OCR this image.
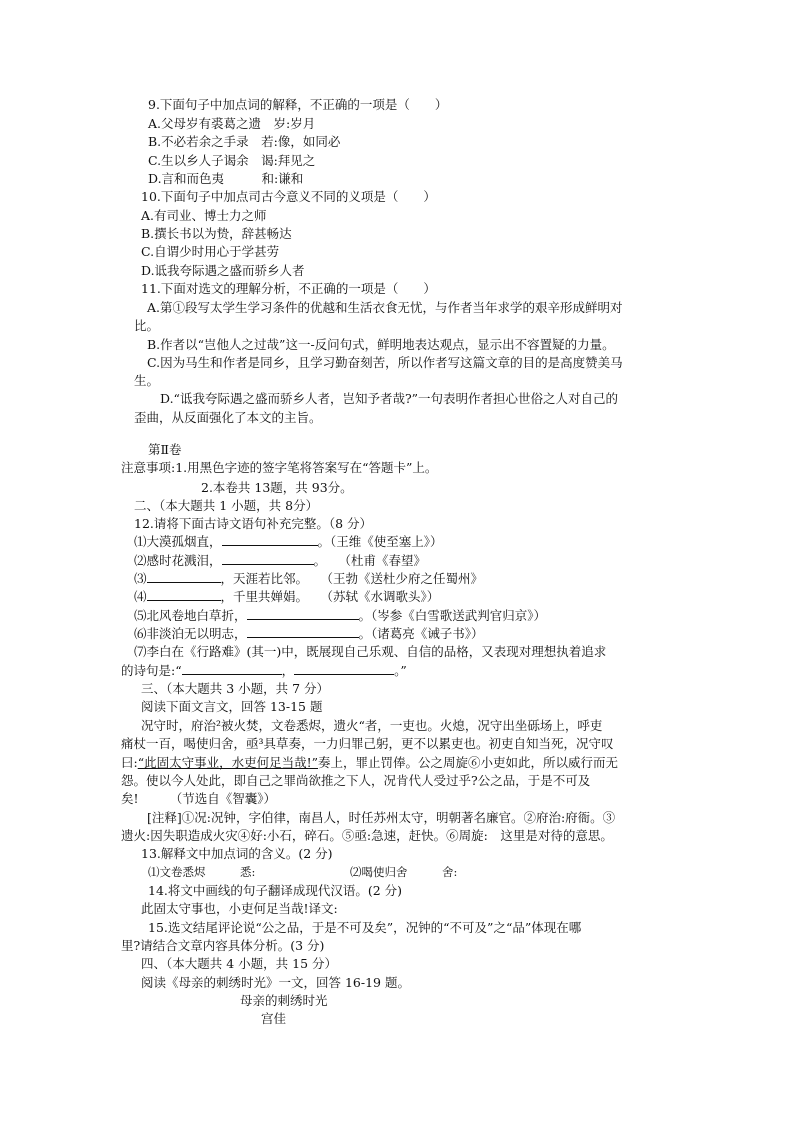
9.下面句子中加点词的解释，不正确的一项是（　　）
A.父母岁有裘葛之遗　岁:岁月
B.不必若余之手录　若:像，如同必
C.生以乡人子谒余　谒:拜见之
D.言和而色夷　　　和:谦和
10.下面句子中加点司古今意义不同的义项是（　　）
A.有司业、博士力之师
B.撰长书以为贽，辞甚畅达
C.自谓少时用心于学甚劳
D.诋我夸际遇之盛而骄乡人者
11.下面对选文的理解分析，不正确的一项是（　　）
A.第①段写太学生学习条件的优越和生活衣食无忧，与作者当年求学的艰辛形成鲜明对
比。
B.作者以“岂他人之过哉”这一-反问句式，鲜明地表达观点，显示出不容置疑的力量。
C.因为马生和作者是同乡，且学习勤奋刻苦，所以作者写这篇文章的目的是高度赞美马
生。
D.“诋我夸际遇之盛而骄乡人者，岂知予者哉?”一句表明作者担心世俗之人对自己的
歪曲，从反面强化了本文的主旨。
第Ⅱ卷
注意事项:1.用黑色字迹的签字笔将答案写在“答题卡”上。
2.本卷共 13题，共 93分。
二、（本大题共 1 小题，共 8分）
12.请将下面古诗文语句补充完整。（8 分）
⑴大漠孤烟直，	。（王维《使至塞上》）
⑵感时花溅泪，	。　　（杜甫《春望》
⑶	，天涯若比邻。　　（王勃《送杜少府之任蜀州》
⑷	，千里共婵娟。　　（苏轼《水调歌头》）
⑸北风卷地白草折，	。（岑参《白雪歌送武判官归京》）
⑹非淡泊无以明志，	。（诸葛亮《诫子书》）
⑺李白在《行路难》(其一)中，既展现自己乐观、自信的品格，又表现对理想执着追求
的诗句是:“	，	。”
三、（本大题共 3 小题，共 7 分）
阅读下面文言文，回答 13-15 题
况守时，府治²被火焚，文卷悉烬，遗火“者，一吏也。火熄，况守出坐砾场上，呼吏
痛杖一百，喝使归舍，亟³具草奏，一力归罪己躬，更不以累吏也。初吏自知当死，况守叹
曰:“此固太守事业，水吏何足当哉!”奏上，罪止罚俸。公之周旋⑥小吏如此，所以威行而无
怨。使以今人处此，即自己之罪尚欲推之下人，况肯代人受过乎?公之品，于是不可及
矣!　　　（节选自《智囊》）
[注释]①况:况钟，字伯律，南昌人，时任苏州太守，明朝著名廉官。②府治:府衙。③
遗火:因失职造成火灾④好:小石，碎石。⑤亟:急速，赶快。⑥周旋:　这里是对待的意思。
13.解释文中加点词的含义。(2 分)
⑴文卷悉烬　　　悉:	⑵喝使归舍　　　舍:
14.将文中画线的句子翻译成现代汉语。(2 分)
此固太守事也，小吏何足当哉!译文:
15.选文结尾评论说“公之品，于是不可及矣”，况钟的“不可及”之“品”体现在哪
里?请结合文章内容具体分析。(3 分)
四、（本大题共 4 小题，共 15 分）
阅读《母亲的刺绣时光》一文，回答 16-19 题。
母亲的刺绣时光
宫佳
